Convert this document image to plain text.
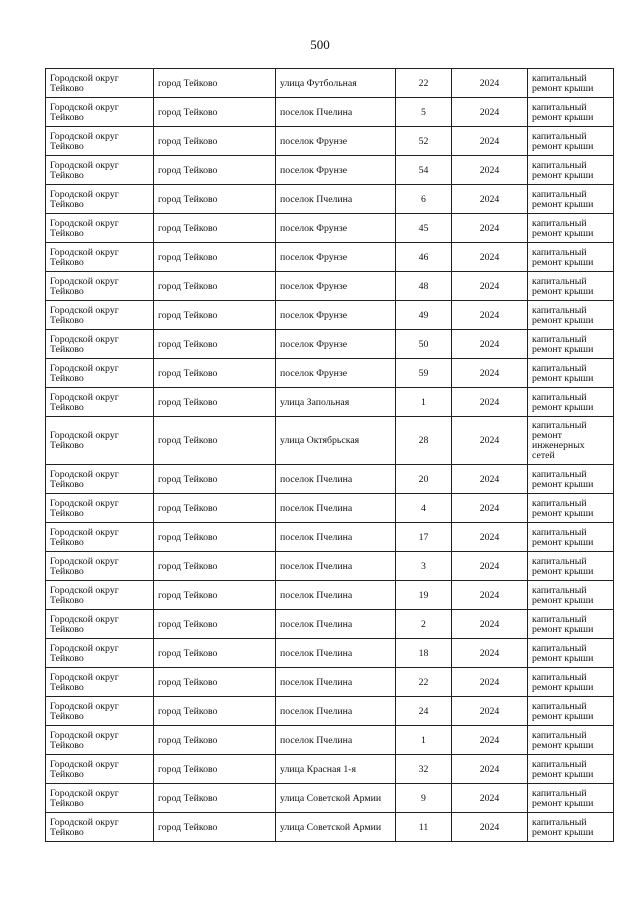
500
Городской округ Тейково	город Тейково	улица Футбольная	22	2024	капитальный ремонт крыши
Городской округ Тейково	город Тейково	поселок Пчелина	5	2024	капитальный ремонт крыши
Городской округ Тейково	город Тейково	поселок Фрунзе	52	2024	капитальный ремонт крыши
Городской округ Тейково	город Тейково	поселок Фрунзе	54	2024	капитальный ремонт крыши
Городской округ Тейково	город Тейково	поселок Пчелина	6	2024	капитальный ремонт крыши
Городской округ Тейково	город Тейково	поселок Фрунзе	45	2024	капитальный ремонт крыши
Городской округ Тейково	город Тейково	поселок Фрунзе	46	2024	капитальный ремонт крыши
Городской округ Тейково	город Тейково	поселок Фрунзе	48	2024	капитальный ремонт крыши
Городской округ Тейково	город Тейково	поселок Фрунзе	49	2024	капитальный ремонт крыши
Городской округ Тейково	город Тейково	поселок Фрунзе	50	2024	капитальный ремонт крыши
Городской округ Тейково	город Тейково	поселок Фрунзе	59	2024	капитальный ремонт крыши
Городской округ Тейково	город Тейково	улица Запольная	1	2024	капитальный ремонт крыши
Городской округ Тейково	город Тейково	улица Октябрьская	28	2024	капитальный ремонт инженерных сетей
Городской округ Тейково	город Тейково	поселок Пчелина	20	2024	капитальный ремонт крыши
Городской округ Тейково	город Тейково	поселок Пчелина	4	2024	капитальный ремонт крыши
Городской округ Тейково	город Тейково	поселок Пчелина	17	2024	капитальный ремонт крыши
Городской округ Тейково	город Тейково	поселок Пчелина	3	2024	капитальный ремонт крыши
Городской округ Тейково	город Тейково	поселок Пчелина	19	2024	капитальный ремонт крыши
Городской округ Тейково	город Тейково	поселок Пчелина	2	2024	капитальный ремонт крыши
Городской округ Тейково	город Тейково	поселок Пчелина	18	2024	капитальный ремонт крыши
Городской округ Тейково	город Тейково	поселок Пчелина	22	2024	капитальный ремонт крыши
Городской округ Тейково	город Тейково	поселок Пчелина	24	2024	капитальный ремонт крыши
Городской округ Тейково	город Тейково	поселок Пчелина	1	2024	капитальный ремонт крыши
Городской округ Тейково	город Тейково	улица Красная 1-я	32	2024	капитальный ремонт крыши
Городской округ Тейково	город Тейково	улица Советской Армии	9	2024	капитальный ремонт крыши
Городской округ Тейково	город Тейково	улица Советской Армии	11	2024	капитальный ремонт крыши
